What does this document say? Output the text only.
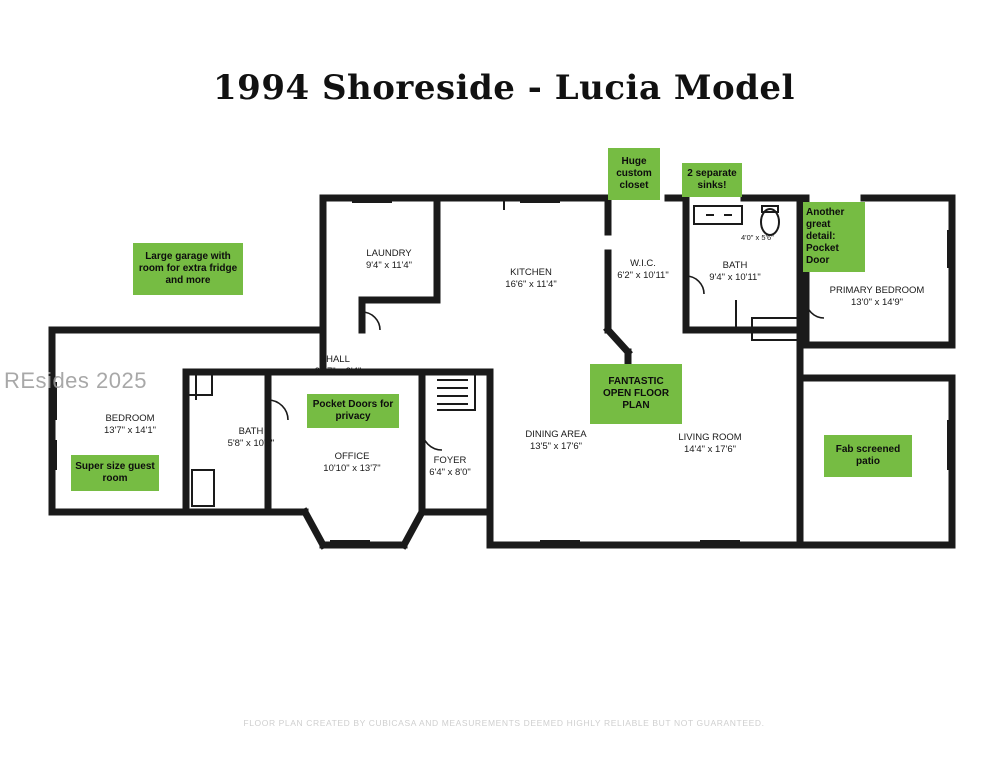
1994 Shoreside - Lucia Model
REsides 2025
LAUNDRY
9'4" x 11'4"
KITCHEN
16'6" x 11'4"
W.I.C.
6'2" x 10'11"
BATH
9'4" x 10'11"
PRIMARY BEDROOM
13'0" x 14'9"
HALL
21'7" x 3'4"
BEDROOM
13'7" x 14'1"	BATH
5'8" x 10'5"
OFFICE
10'10" x 13'7"
FOYER
6'4" x 8'0"
DINING AREA
13'5" x 17'6"
LIVING ROOM
14'4" x 17'6"
4'0" x 5'6"
Huge custom closet
2 separate sinks!
Another great detail: Pocket Door
Large garage with room for extra fridge and more
FANTASTIC OPEN FLOOR PLAN
Pocket Doors for privacy
Fab screened patio
Super size guest room
FLOOR PLAN CREATED BY CUBICASA AND MEASUREMENTS DEEMED HIGHLY RELIABLE BUT NOT GUARANTEED.
